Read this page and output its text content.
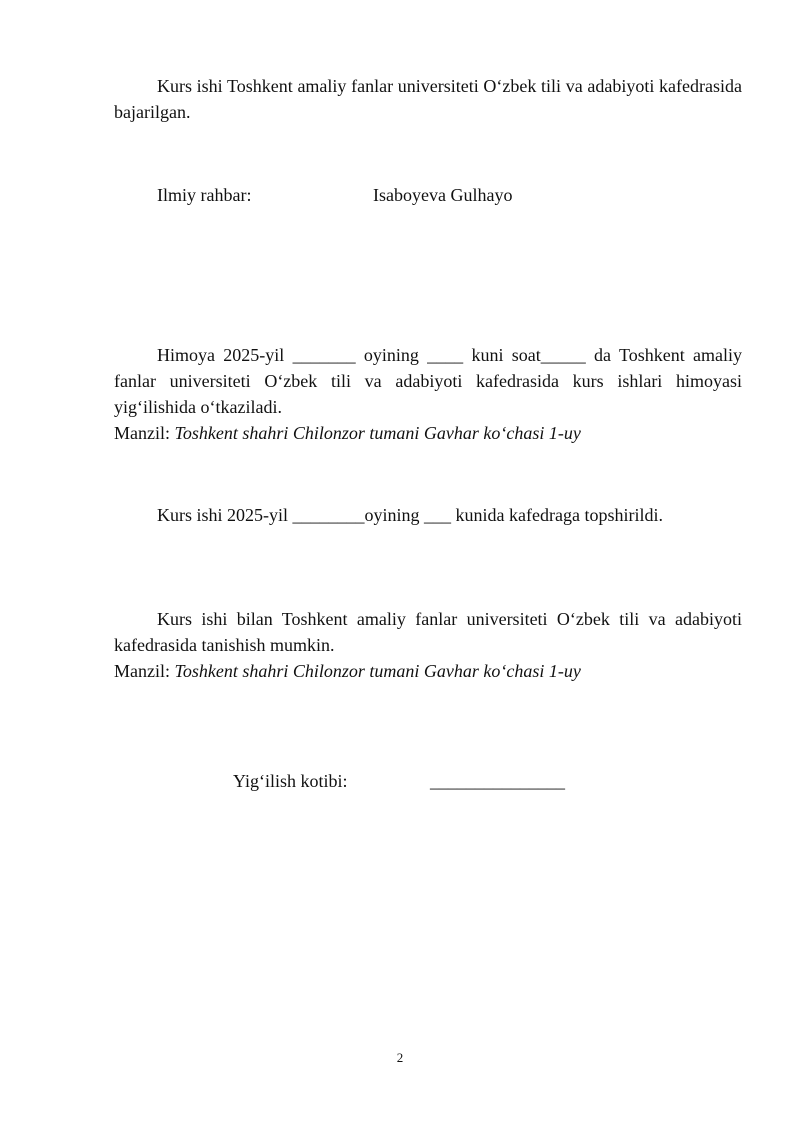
Kurs ishi Toshkent amaliy fanlar universiteti O‘zbek tili va adabiyoti kafedrasida bajarilgan.

Ilmiy rahbar:	Isaboyeva Gulhayo

Himoya 2025-yil _______ oyining ____ kuni soat_____ da Toshkent amaliy fanlar universiteti O‘zbek tili va adabiyoti kafedrasida kurs ishlari himoyasi yig‘ilishida o‘tkaziladi.

Manzil: Toshkent shahri Chilonzor tumani Gavhar ko‘chasi 1-uy

Kurs ishi 2025-yil ________oyining ___ kunida kafedraga topshirildi.

Kurs ishi bilan Toshkent amaliy fanlar universiteti O‘zbek tili va adabiyoti kafedrasida tanishish mumkin.

Manzil: Toshkent shahri Chilonzor tumani Gavhar ko‘chasi 1-uy

Yig‘ilish kotibi:	_______________
2
